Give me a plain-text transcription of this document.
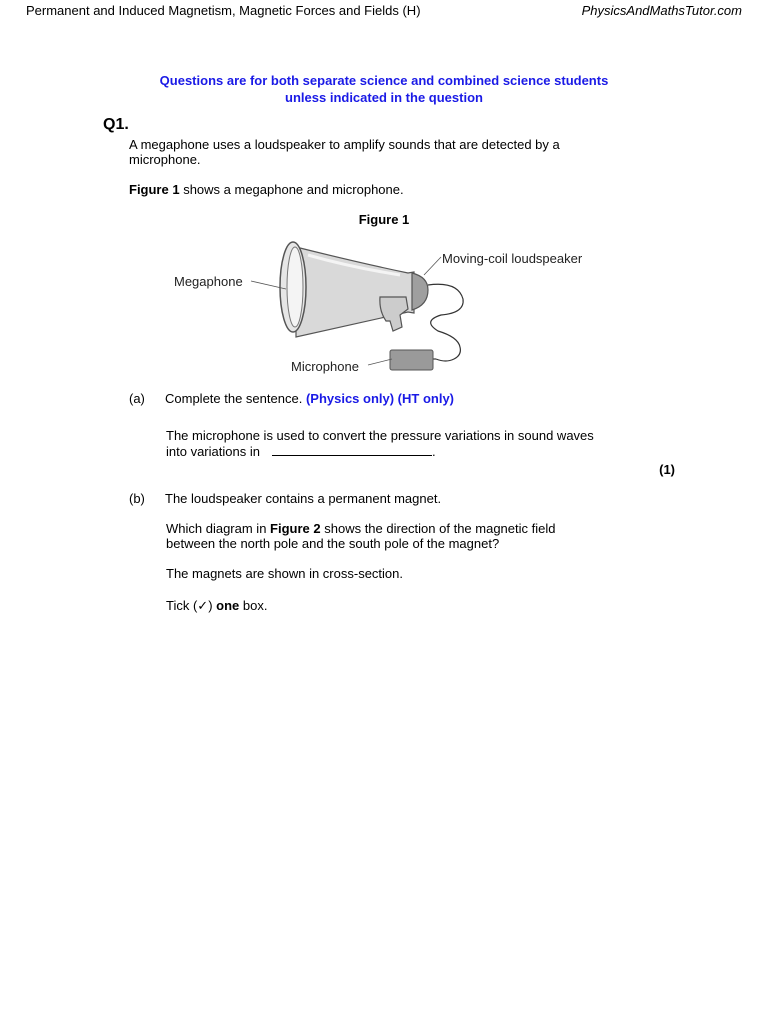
Permanent and Induced Magnetism, Magnetic Forces and Fields (H)	PhysicsAndMathsTutor.com
Questions are for both separate science and combined science students
unless indicated in the question
Q1.
A megaphone uses a loudspeaker to amplify sounds that are detected by a
microphone.
Figure 1 shows a megaphone and microphone.
Figure 1
Megaphone
Moving-coil loudspeaker
Microphone
(a) Complete the sentence. (Physics only) (HT only)
The microphone is used to convert the pressure variations in sound waves
into variations in	.
(1)
(b) The loudspeaker contains a permanent magnet.
Which diagram in Figure 2 shows the direction of the magnetic field
between the north pole and the south pole of the magnet?
The magnets are shown in cross-section.
Tick (✓) one box.
